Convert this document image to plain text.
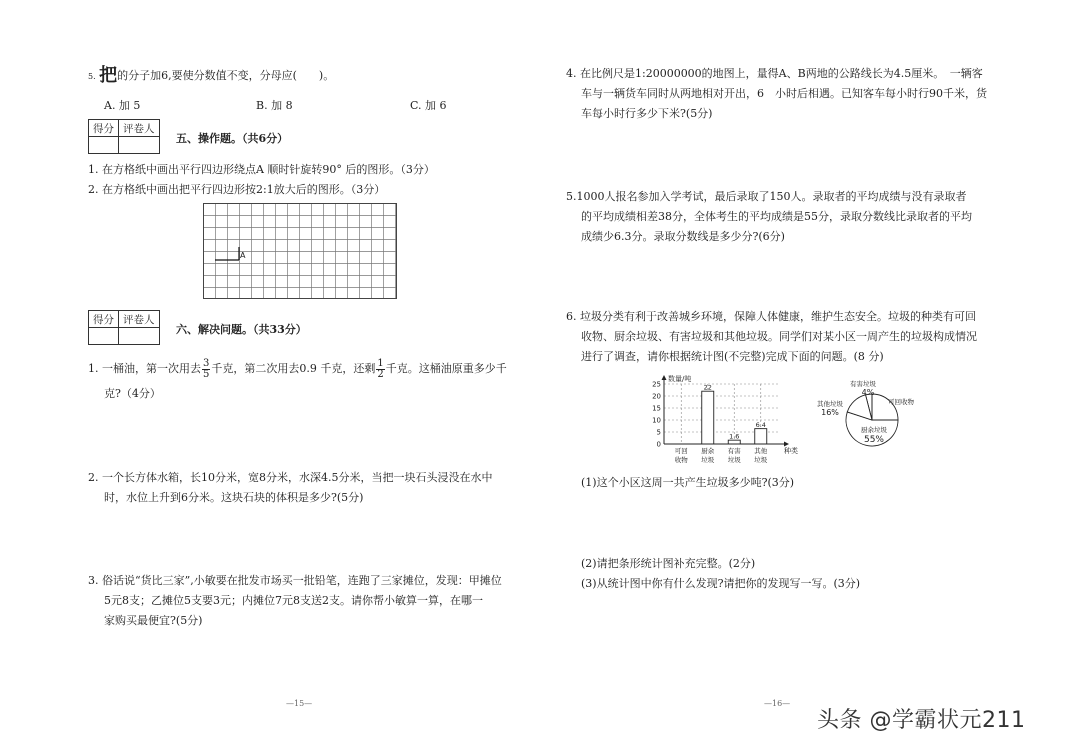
5. 把的分子加6,要使分数值不变，分母应(　　)。
A. 加 5	B. 加 8	C. 加 6
得分	评卷人

五、操作题。（共6分）
1. 在方格纸中画出平行四边形绕点A 顺时针旋转90° 后的图形。（3分）
2. 在方格纸中画出把平行四边形按2:1放大后的图形。（3分）
A
得分	评卷人

六、解决问题。（共33分）
1. 一桶油，第一次用去 $\frac{3}{5}$ 千克，第二次用去0.9 千克，还剩 $\frac{1}{2}$ 千克。这桶油原重多少千
克?（4分）
2. 一个长方体水箱，长10分米，宽8分米，水深4.5分米，当把一块石头浸没在水中
时，水位上升到6分米。这块石块的体积是多少?(5分)
3. 俗话说“货比三家”,小敏要在批发市场买一批铅笔，连跑了三家摊位，发现：甲摊位
5元8支；乙摊位5支要3元；内摊位7元8支送2支。请你帮小敏算一算，在哪一
家购买最便宜?(5分)
—15—
4. 在比例尺是1:20000000的地图上，量得A、B两地的公路线长为4.5厘米。　一辆客
车与一辆货车同时从两地相对开出，6　小时后相遇。已知客车每小时行90千米，货
车每小时行多少下米?(5分)
5.1000人报名参加入学考试，最后录取了150人。录取者的平均成绩与没有录取者
的平均成绩相差38分，全体考生的平均成绩是55分，录取分数线比录取者的平均
成绩少6.3分。录取分数线是多少分?(6分)
6. 垃圾分类有利于改善城乡环境，保障人体健康，维护生态安全。垃圾的种类有可回
收物、厨余垃圾、有害垃圾和其他垃圾。同学们对某小区一周产生的垃圾构成情况
进行了调查，请你根据统计图(不完整)完成下面的问题。(8 分)
0
5
10
15
20
25	22
1.6
6.4
可回
收物
厨余
垃圾
有害
垃圾
其他
垃圾
数量/吨
种类
有害垃圾
4%
其他垃圾
16%
厨余垃圾
55%
可回收物
(1)这个小区这周一共产生垃圾多少吨?(3分)
(2)请把条形统计图补充完整。(2分)
(3)从统计图中你有什么发现?请把你的发现写一写。(3分)
—16—
头条 @学霸状元211
